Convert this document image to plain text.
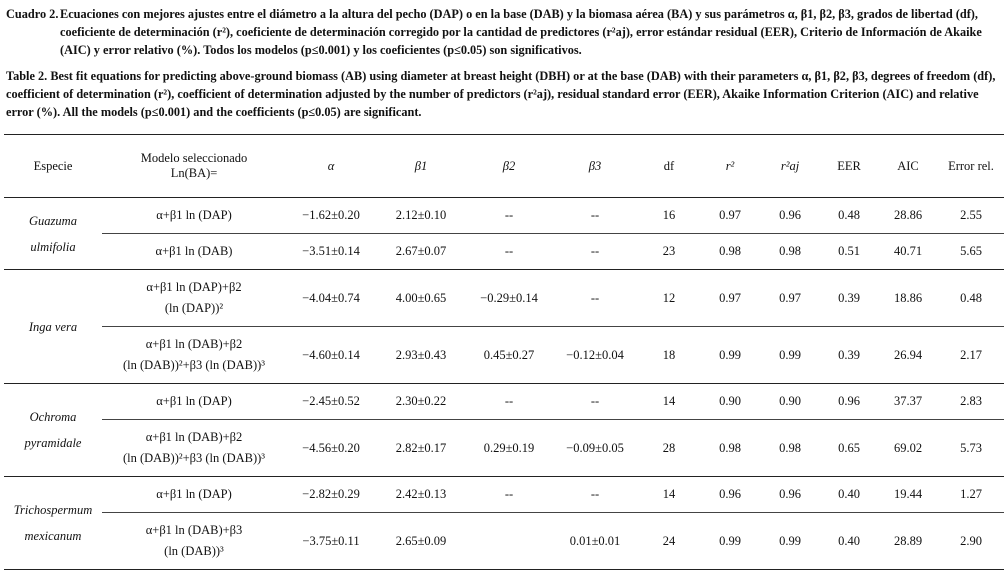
Cuadro 2. Ecuaciones con mejores ajustes entre el diámetro a la altura del pecho (DAP) o en la base (DAB) y la biomasa aérea (BA) y sus parámetros α, β1, β2, β3, grados de libertad (df), coeficiente de determinación (r²), coeficiente de determinación corregido por la cantidad de predictores (r²aj), error estándar residual (EER), Criterio de Información de Akaike (AIC) y error relativo (%). Todos los modelos (p≤0.001) y los coeficientes (p≤0.05) son significativos.
Table 2. Best fit equations for predicting above-ground biomass (AB) using diameter at breast height (DBH) or at the base (DAB) with their parameters α, β1, β2, β3, degrees of freedom (df), coefficient of determination (r²), coefficient of determination adjusted by the number of predictors (r²aj), residual standard error (EER), Akaike Information Criterion (AIC) and relative error (%). All the models (p≤0.001) and the coefficients (p≤0.05) are significant.
Especie	Modelo seleccionado
Ln(BA)=	α	β1	β2	β3	df	r²	r²aj	EER	AIC	Error rel.

Guazuma
ulmifolia	α+β1 ln (DAP)	−1.62±0.20	2.12±0.10	--	--	16	0.97	0.96	0.48	28.86	2.55

	α+β1 ln (DAB)	−3.51±0.14	2.67±0.07	--	--	23	0.98	0.98	0.51	40.71	5.65

Inga vera	α+β1 ln (DAP)+β2
(ln (DAP))²	−4.04±0.74	4.00±0.65	−0.29±0.14	--	12	0.97	0.97	0.39	18.86	0.48

	α+β1 ln (DAB)+β2
(ln (DAB))²+β3 (ln (DAB))³	−4.60±0.14	2.93±0.43	0.45±0.27	−0.12±0.04	18	0.99	0.99	0.39	26.94	2.17

Ochroma
pyramidale	α+β1 ln (DAP)	−2.45±0.52	2.30±0.22	--	--	14	0.90	0.90	0.96	37.37	2.83

	α+β1 ln (DAB)+β2
(ln (DAB))²+β3 (ln (DAB))³	−4.56±0.20	2.82±0.17	0.29±0.19	−0.09±0.05	28	0.98	0.98	0.65	69.02	5.73

Trichospermum
mexicanum	α+β1 ln (DAP)	−2.82±0.29	2.42±0.13	--	--	14	0.96	0.96	0.40	19.44	1.27

	α+β1 ln (DAB)+β3
(ln (DAB))³	−3.75±0.11	2.65±0.09		0.01±0.01	24	0.99	0.99	0.40	28.89	2.90
